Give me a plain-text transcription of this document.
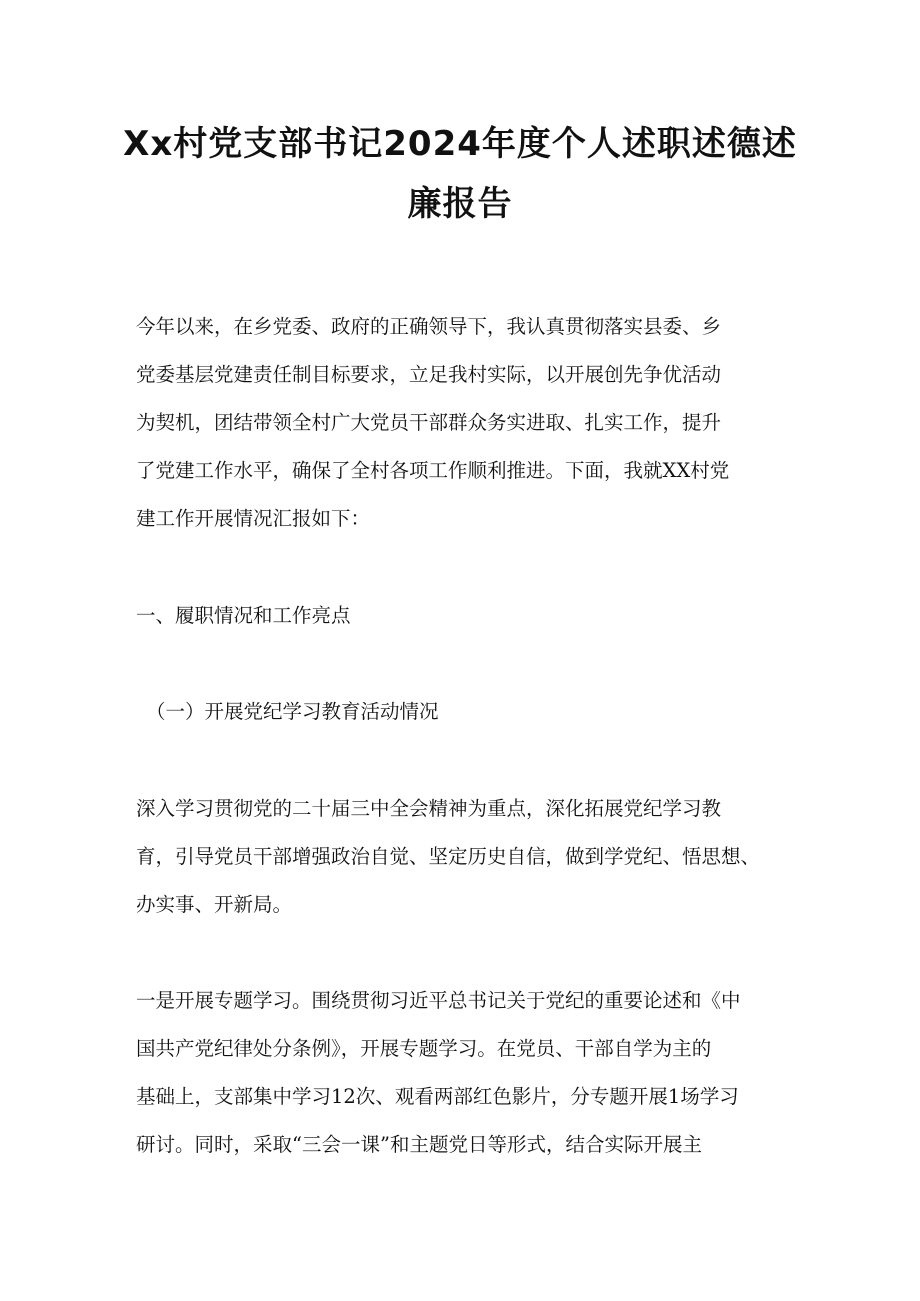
Xx村党支部书记2024年度个人述职述德述
廉报告

今年以来，在乡党委、政府的正确领导下，我认真贯彻落实县委、乡

党委基层党建责任制目标要求，立足我村实际，以开展创先争优活动

为契机，团结带领全村广大党员干部群众务实进取、扎实工作，提升

了党建工作水平，确保了全村各项工作顺利推进。下面，我就XX村党

建工作开展情况汇报如下：

一、履职情况和工作亮点

（一）开展党纪学习教育活动情况

深入学习贯彻党的二十届三中全会精神为重点，深化拓展党纪学习教

育，引导党员干部增强政治自觉、坚定历史自信，做到学党纪、悟思想、

办实事、开新局。

一是开展专题学习。围绕贯彻习近平总书记关于党纪的重要论述和《中

国共产党纪律处分条例》，开展专题学习。在党员、干部自学为主的

基础上，支部集中学习12次、观看两部红色影片，分专题开展1场学习

研讨。同时，采取“三会一课”和主题党日等形式，结合实际开展主
